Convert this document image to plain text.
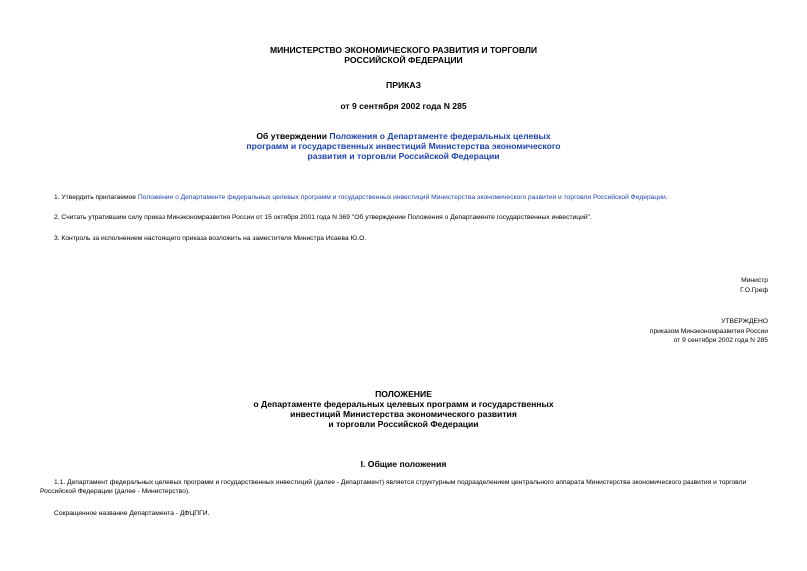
МИНИСТЕРСТВО ЭКОНОМИЧЕСКОГО РАЗВИТИЯ И ТОРГОВЛИ
РОССИЙСКОЙ ФЕДЕРАЦИИ
ПРИКАЗ
от 9 сентября 2002 года N 285
Об утверждении Положения о Департаменте федеральных целевых
программ и государственных инвестиций Министерства экономического
развития и торговли Российской Федерации
1. Утвердить прилагаемое Положение о Департаменте федеральных целевых программ и государственных инвестиций Министерства экономического развития и торговли Российской Федерации.
2. Считать утратившим силу приказ Минэкономразвития России от 15 октября 2001 года N 369 "Об утверждении Положения о Департаменте государственных инвестиций".
3. Контроль за исполнением настоящего приказа возложить на заместителя Министра Исаева Ю.О.
Министр
Г.О.Греф
УТВЕРЖДЕНО
приказом Минэкономразвития России
от 9 сентября 2002 года N 285
ПОЛОЖЕНИЕ
о Департаменте федеральных целевых программ и государственных
инвестиций Министерства экономического развития
и торговли Российской Федерации
I. Общие положения
1.1. Департамент федеральных целевых программ и государственных инвестиций (далее - Департамент) является структурным подразделением центрального аппарата Министерства экономического развития и торговли Российской Федерации (далее - Министерство).
Сокращенное название Департамента - ДФЦПГИ.
